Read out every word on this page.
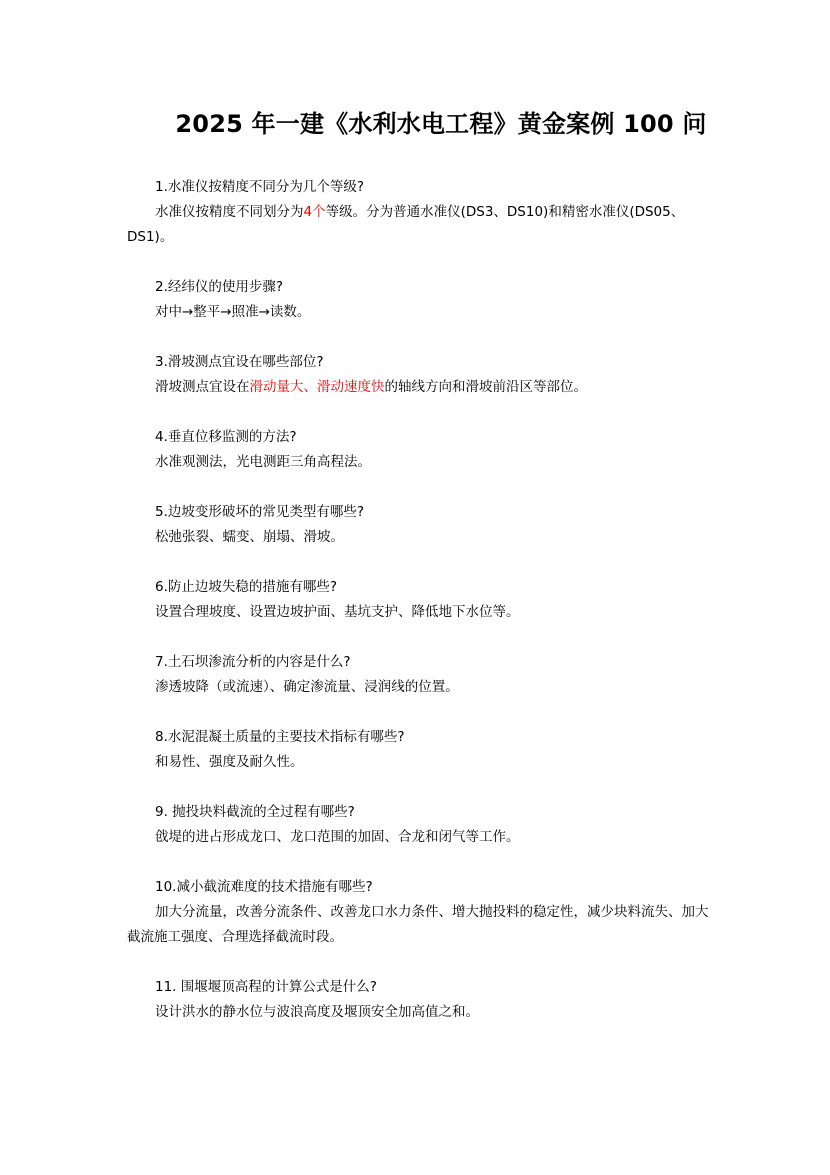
2025 年一建《水利水电工程》黄金案例 100 问

1.水准仪按精度不同分为几个等级?

水准仪按精度不同划分为4个等级。分为普通水准仪(DS3、DS10)和精密水准仪(DS05、DS1)。

2.经纬仪的使用步骤?

对中→整平→照准→读数。

3.滑坡测点宜设在哪些部位?

滑坡测点宜设在滑动量大、滑动速度快的轴线方向和滑坡前沿区等部位。

4.垂直位移监测的方法?

水准观测法，光电测距三角高程法。

5.边坡变形破坏的常见类型有哪些?

松弛张裂、蠕变、崩塌、滑坡。

6.防止边坡失稳的措施有哪些?

设置合理坡度、设置边坡护面、基坑支护、降低地下水位等。

7.土石坝渗流分析的内容是什么?

渗透坡降（或流速）、确定渗流量、浸润线的位置。

8.水泥混凝土质量的主要技术指标有哪些?

和易性、强度及耐久性。

9. 抛投块料截流的全过程有哪些?

戗堤的进占形成龙口、龙口范围的加固、合龙和闭气等工作。

10.减小截流难度的技术措施有哪些?

加大分流量，改善分流条件、改善龙口水力条件、增大抛投料的稳定性，减少块料流失、加大截流施工强度、合理选择截流时段。

11. 围堰堰顶高程的计算公式是什么?

设计洪水的静水位与波浪高度及堰顶安全加高值之和。
